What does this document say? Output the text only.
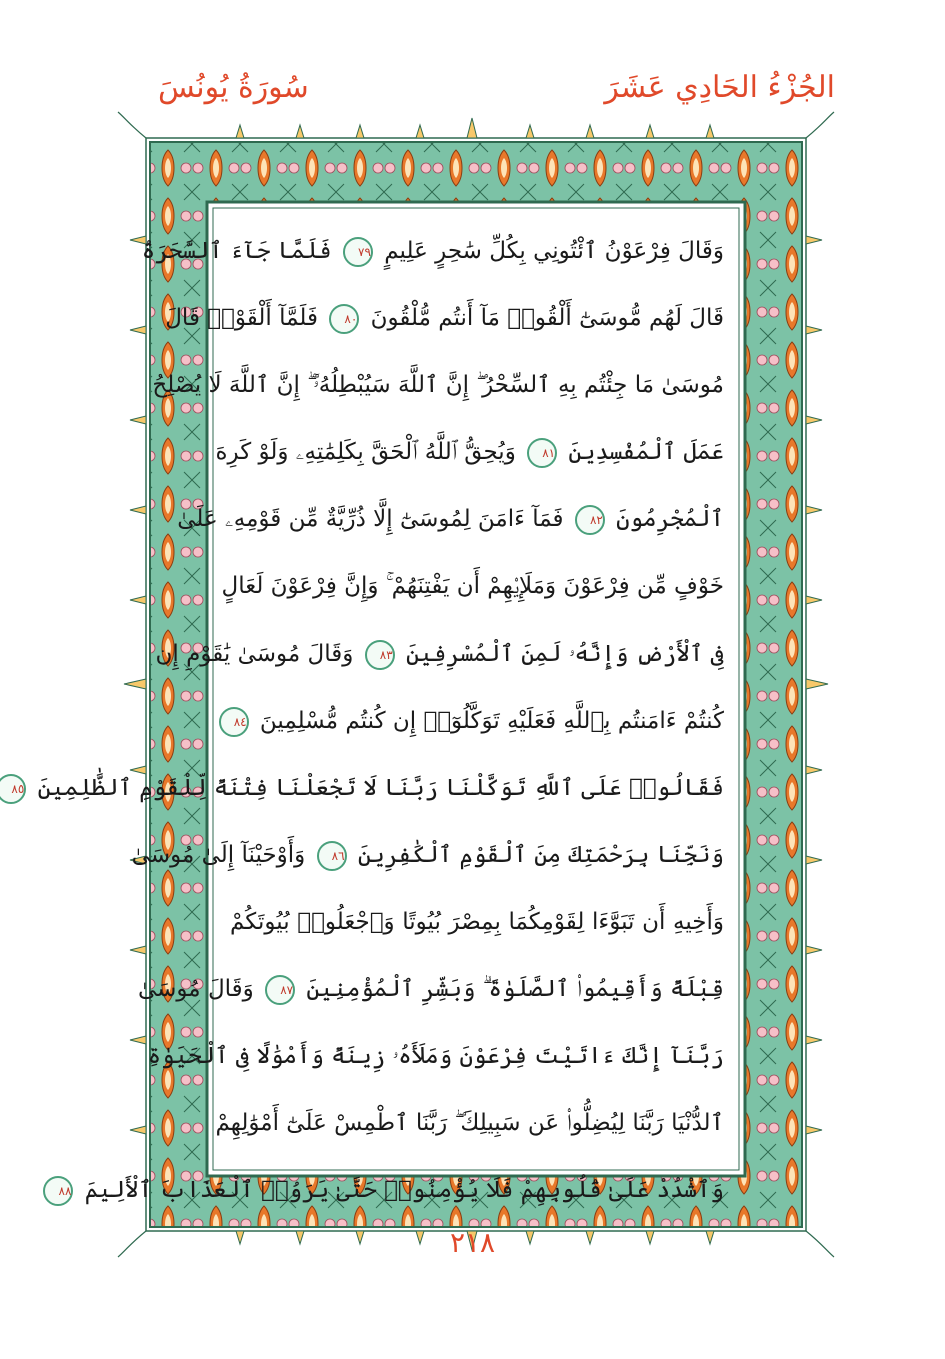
الجُزْءُ الحَادِي عَشَرَ
سُورَةُ يُونُسَ
وَقَالَ فِرْعَوْنُ ٱئْتُونِي بِكُلِّ سَٰحِرٍ عَلِيمٍ ٧٩ فَلَمَّا جَآءَ ٱلسَّحَرَةُ
قَالَ لَهُم مُّوسَىٰٓ أَلْقُوا۟ مَآ أَنتُم مُّلْقُونَ ٨٠ فَلَمَّآ أَلْقَوْا۟ قَالَ
مُوسَىٰ مَا جِئْتُم بِهِ ٱلسِّحْرُ ۖ إِنَّ ٱللَّهَ سَيُبْطِلُهُۥٓ ۖ إِنَّ ٱللَّهَ لَا يُصْلِحُ
عَمَلَ ٱلْمُفْسِدِينَ ٨١ وَيُحِقُّ ٱللَّهُ ٱلْحَقَّ بِكَلِمَٰتِهِۦ وَلَوْ كَرِهَ
ٱلْمُجْرِمُونَ ٨٢ فَمَآ ءَامَنَ لِمُوسَىٰٓ إِلَّا ذُرِّيَّةٌ مِّن قَوْمِهِۦ عَلَىٰ
خَوْفٍ مِّن فِرْعَوْنَ وَمَلَإِي۟هِمْ أَن يَفْتِنَهُمْ ۚ وَإِنَّ فِرْعَوْنَ لَعَالٍ
فِى ٱلْأَرْضِ وَإِنَّهُۥ لَمِنَ ٱلْمُسْرِفِينَ ٨٣ وَقَالَ مُوسَىٰ يَٰقَوْمِ إِن
كُنتُمْ ءَامَنتُم بِٱللَّهِ فَعَلَيْهِ تَوَكَّلُوٓا۟ إِن كُنتُم مُّسْلِمِينَ ٨٤
فَقَالُوا۟ عَلَى ٱللَّهِ تَوَكَّلْنَا رَبَّنَا لَا تَجْعَلْنَا فِتْنَةً لِّلْقَوْمِ ٱلظَّٰلِمِينَ ٨٥
وَنَجِّنَا بِرَحْمَتِكَ مِنَ ٱلْقَوْمِ ٱلْكَٰفِرِينَ ٨٦ وَأَوْحَيْنَآ إِلَىٰ مُوسَىٰ
وَأَخِيهِ أَن تَبَوَّءَا لِقَوْمِكُمَا بِمِصْرَ بُيُوتًا وَٱجْعَلُوا۟ بُيُوتَكُمْ
قِبْلَةً وَأَقِيمُوا۟ ٱلصَّلَوٰةَ ۗ وَبَشِّرِ ٱلْمُؤْمِنِينَ ٨٧ وَقَالَ مُوسَىٰ
رَبَّنَآ إِنَّكَ ءَاتَيْتَ فِرْعَوْنَ وَمَلَأَهُۥ زِينَةً وَأَمْوَٰلًا فِى ٱلْحَيَوٰةِ
ٱلدُّنْيَا رَبَّنَا لِيُضِلُّوا۟ عَن سَبِيلِكَ ۖ رَبَّنَا ٱطْمِسْ عَلَىٰٓ أَمْوَٰلِهِمْ
وَٱشْدُدْ عَلَىٰ قُلُوبِهِمْ فَلَا يُؤْمِنُوا۟ حَتَّىٰ يَرَوُا۟ ٱلْعَذَابَ ٱلْأَلِيمَ ٨٨
٢١٨
